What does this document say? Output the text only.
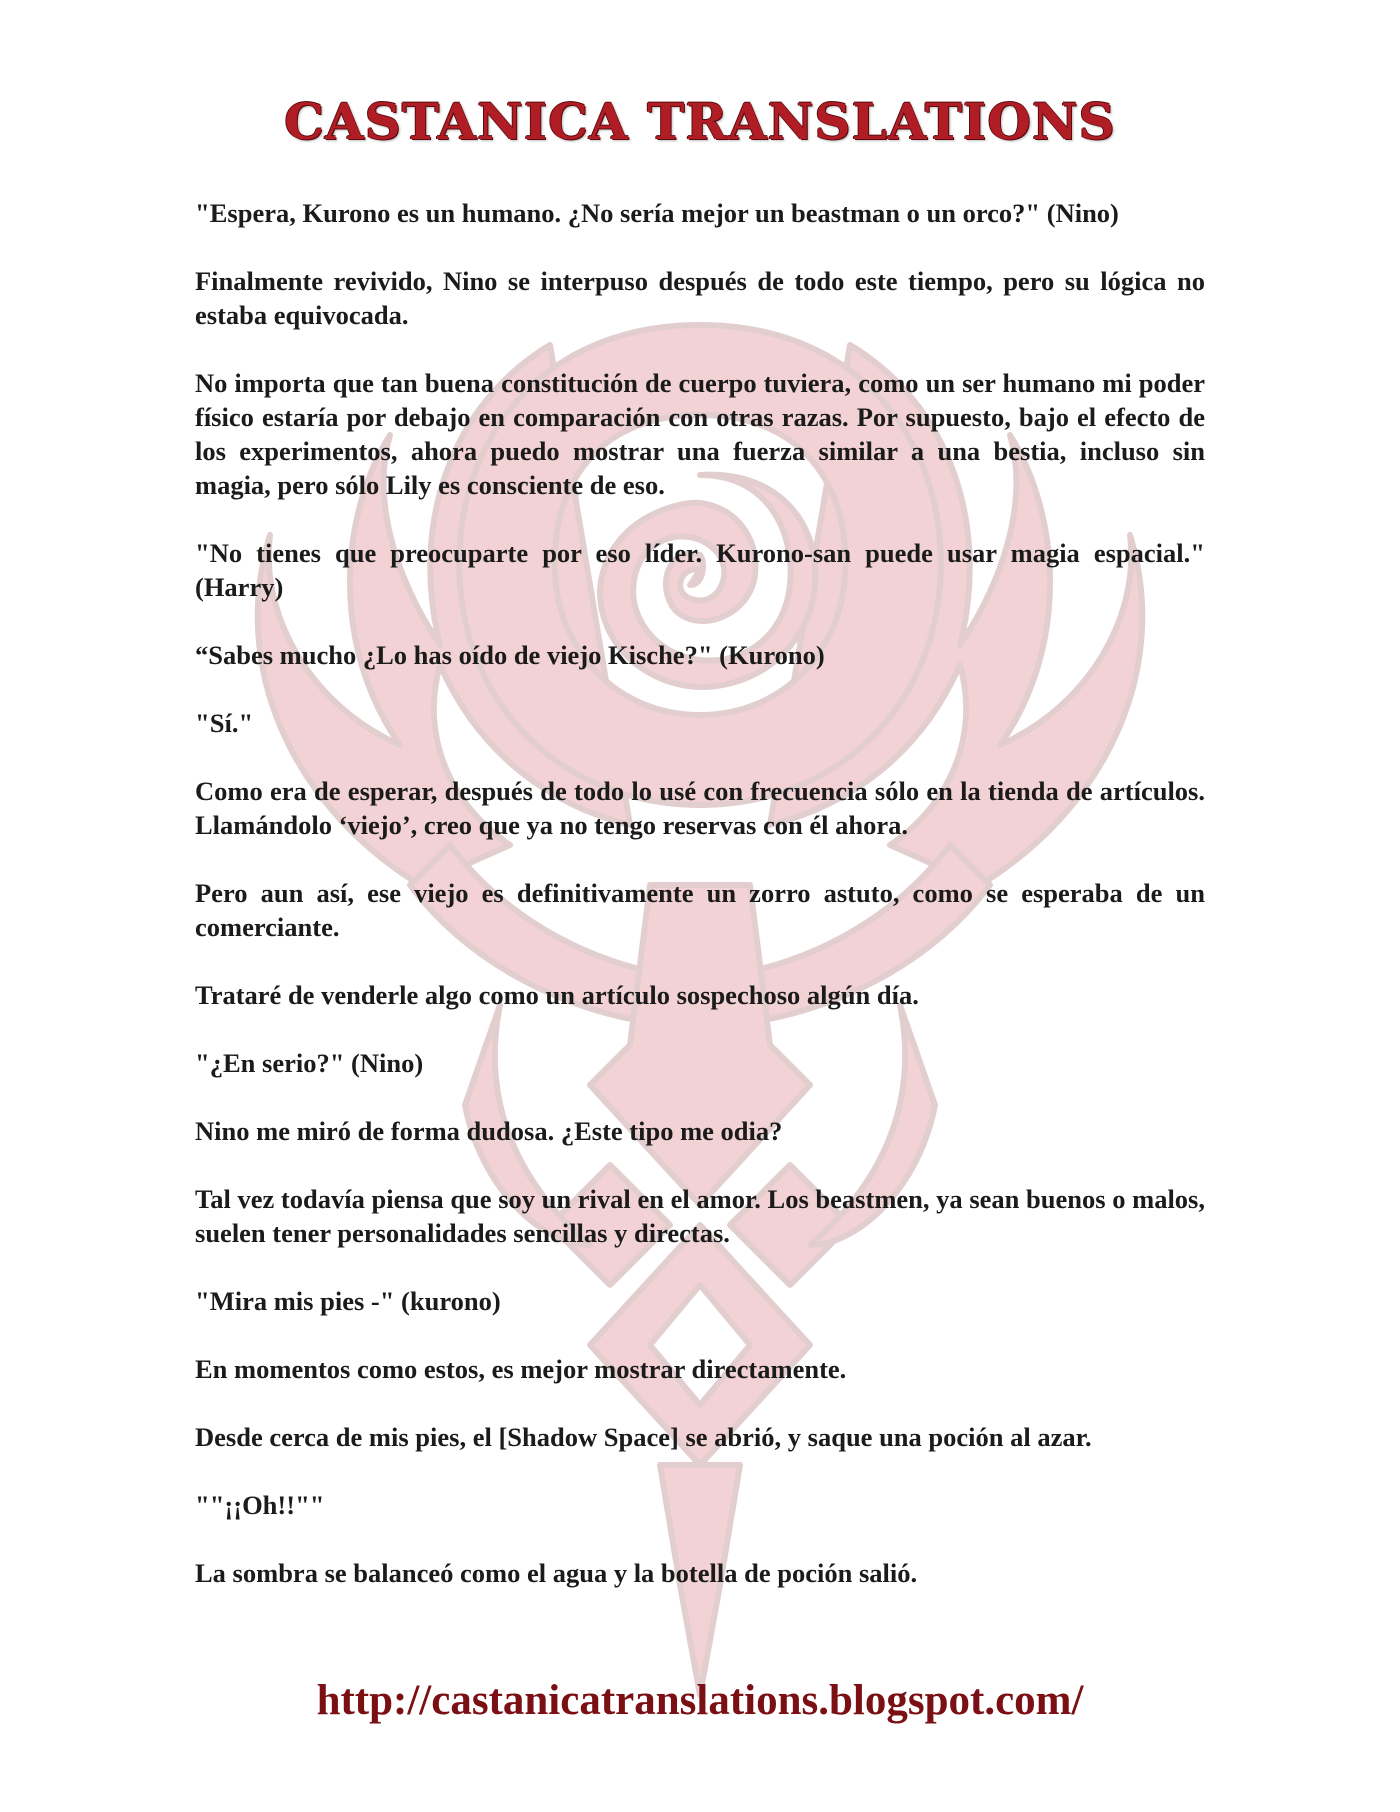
CASTANICA TRANSLATIONS

"Espera, Kurono es un humano. ¿No sería mejor un beastman o un orco?" (Nino)

Finalmente revivido, Nino se interpuso después de todo este tiempo, pero su lógica no estaba equivocada.

No importa que tan buena constitución de cuerpo tuviera, como un ser humano mi poder físico estaría por debajo en comparación con otras razas. Por supuesto, bajo el efecto de los experimentos, ahora puedo mostrar una fuerza similar a una bestia, incluso sin magia, pero sólo Lily es consciente de eso.

"No tienes que preocuparte por eso líder. Kurono-san puede usar magia espacial." (Harry)

“Sabes mucho ¿Lo has oído de viejo Kische?" (Kurono)

"Sí."

Como era de esperar, después de todo lo usé con frecuencia sólo en la tienda de artículos. Llamándolo ‘viejo’, creo que ya no tengo reservas con él ahora.

Pero aun así, ese viejo es definitivamente un zorro astuto, como se esperaba de un comerciante.

Trataré de venderle algo como un artículo sospechoso algún día.

"¿En serio?" (Nino)

Nino me miró de forma dudosa. ¿Este tipo me odia?

Tal vez todavía piensa que soy un rival en el amor. Los beastmen, ya sean buenos o malos, suelen tener personalidades sencillas y directas.

"Mira mis pies -" (kurono)

En momentos como estos, es mejor mostrar directamente.

Desde cerca de mis pies, el [Shadow Space] se abrió, y saque una poción al azar.

""¡¡Oh!!""

La sombra se balanceó como el agua y la botella de poción salió.

http://castanicatranslations.blogspot.com/
